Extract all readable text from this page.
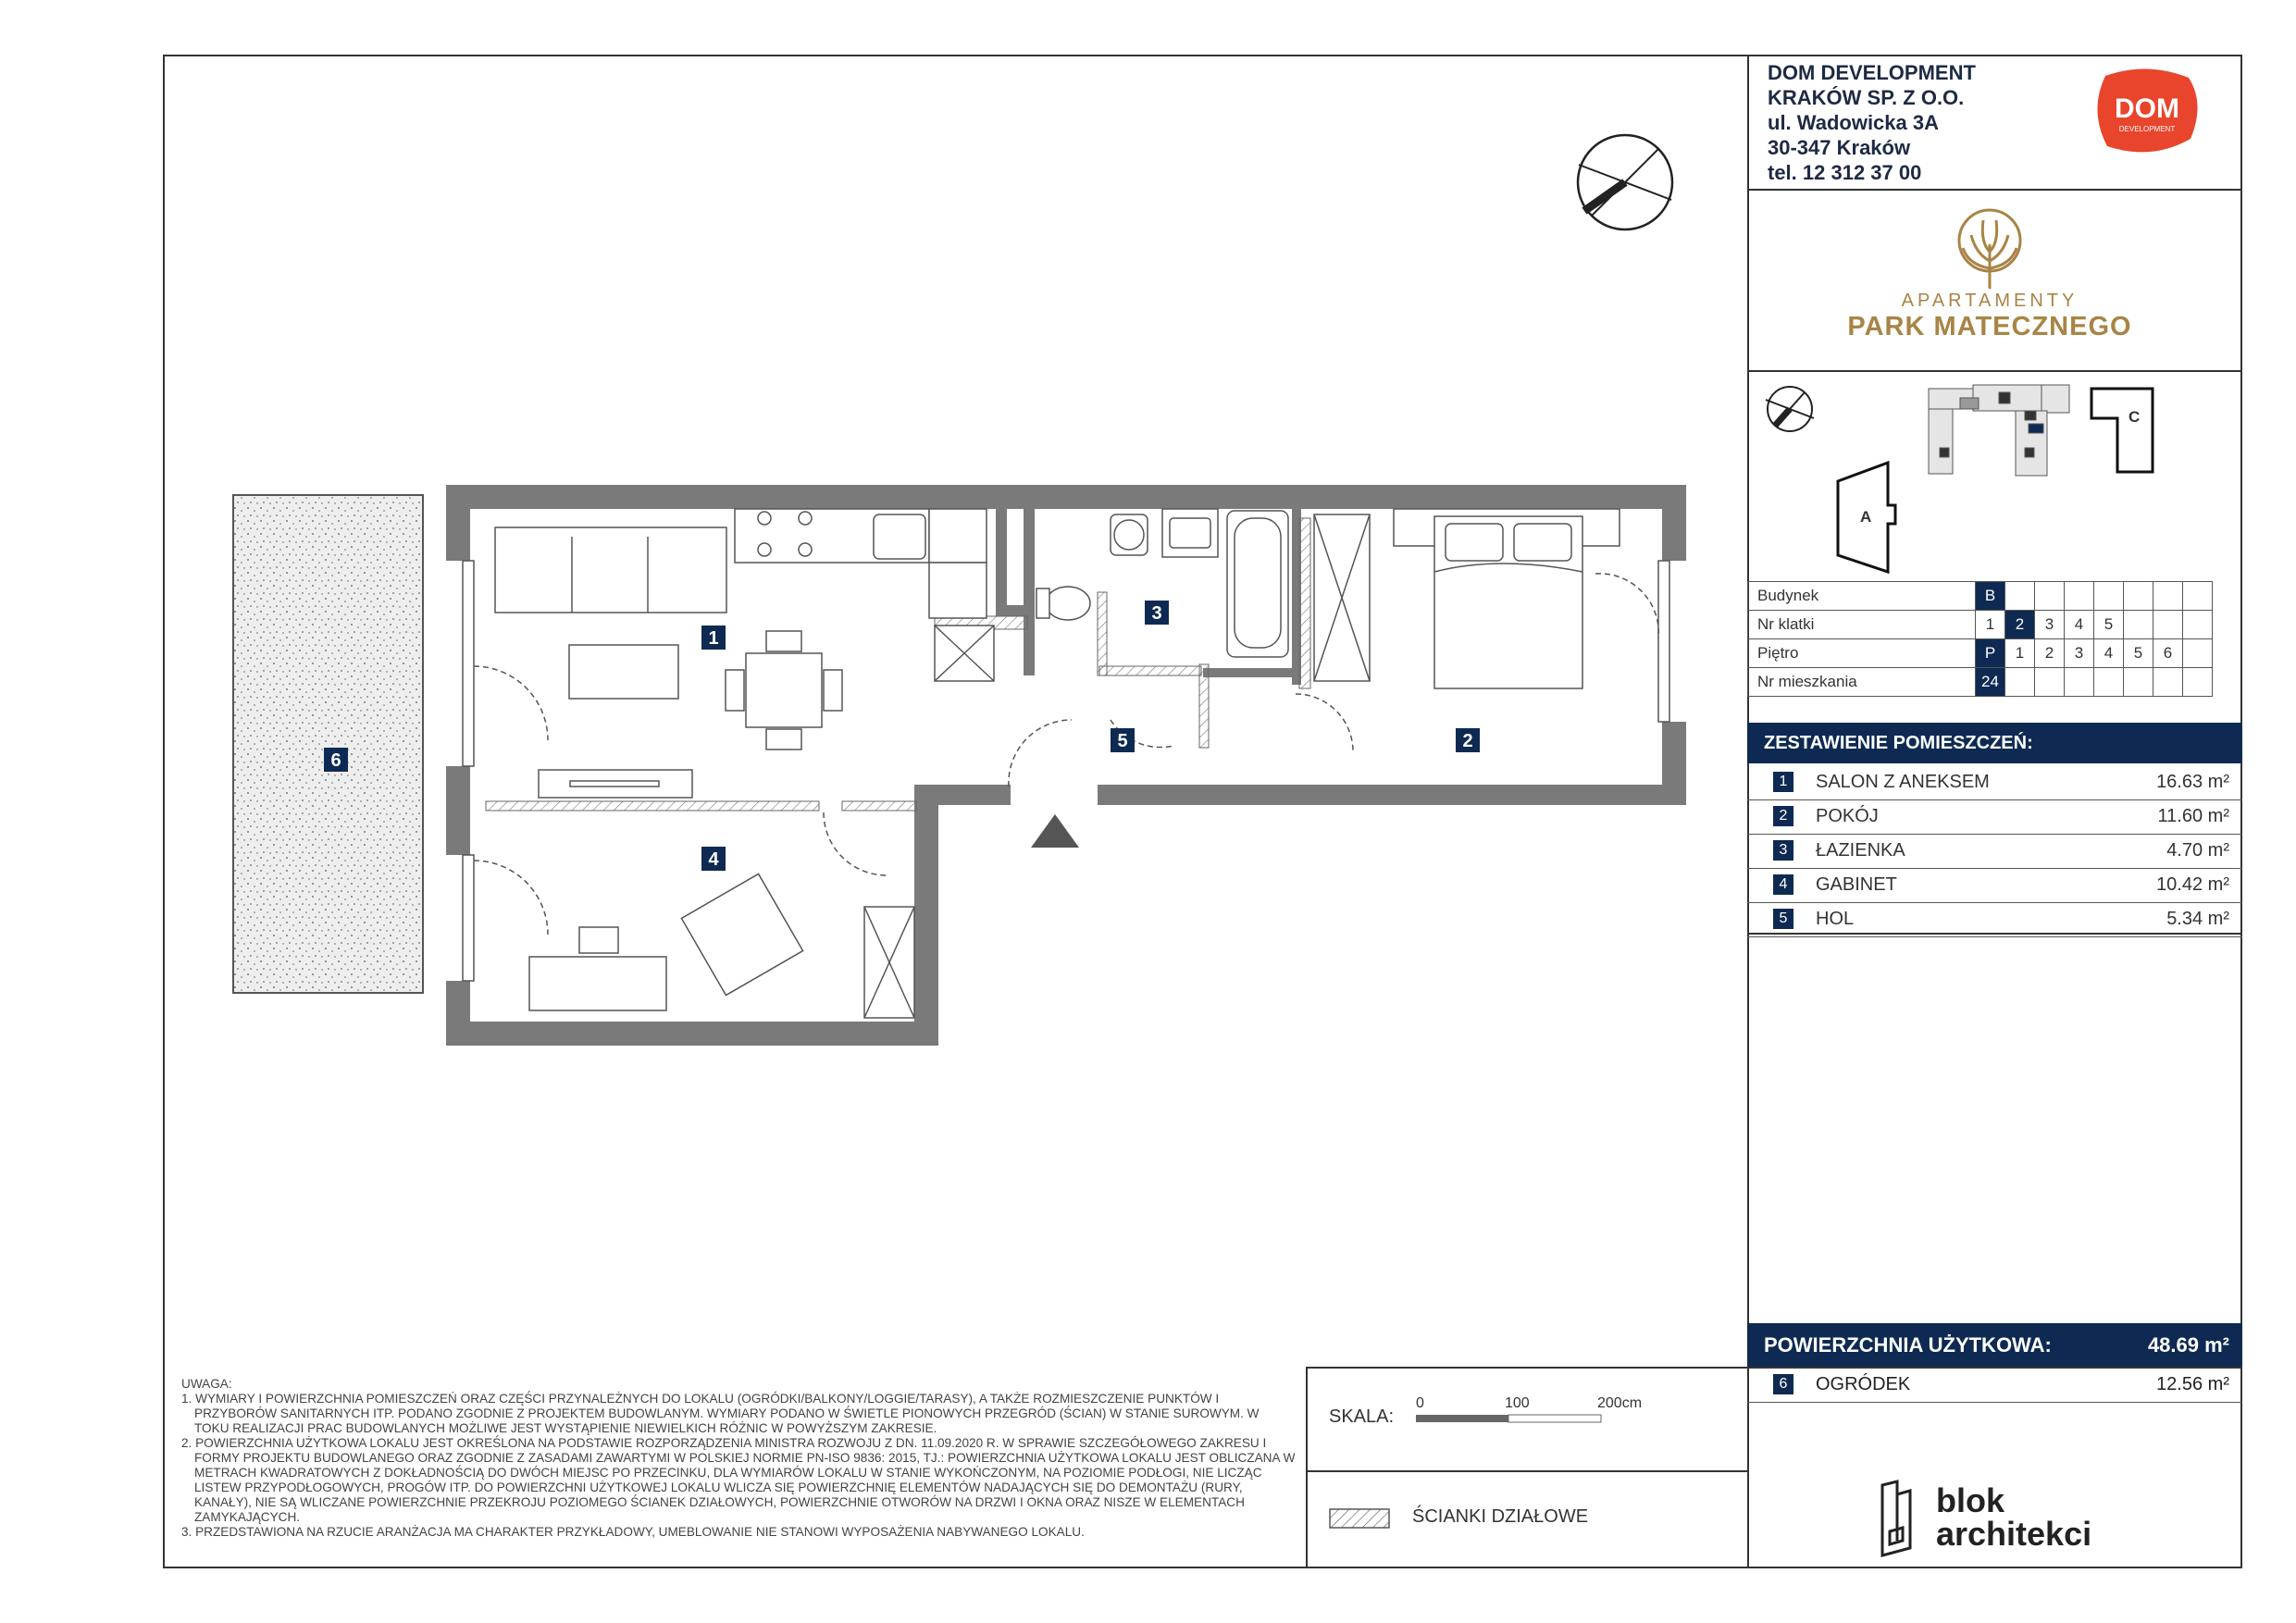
DOM DEVELOPMENT
KRAKÓW SP. Z O.O.
ul. Wadowicka 3A
30-347 Kraków
tel. 12 312 37 00
DOM
DEVELOPMENT
APARTAMENTY
PARK MATECZNEGO
A
C
Budynek	B							
Nr klatki	1	2	3	4	5			
Piętro	P	1	2	3	4	5	6	
Nr mieszkania	24							
ZESTAWIENIE POMIESZCZEŃ:
1	SALON Z ANEKSEM	16.63 m²
2	POKÓJ	11.60 m²
3	ŁAZIENKA	4.70 m²
4	GABINET	10.42 m²
5	HOL	5.34 m²
POWIERZCHNIA UŻYTKOWA:	48.69 m²
6	OGRÓDEK	12.56 m²

UWAGA:

1. WYMIARY I POWIERZCHNIA POMIESZCZEŃ ORAZ CZĘŚCI PRZYNALEŻNYCH DO LOKALU (OGRÓDKI/BALKONY/LOGGIE/TARASY), A TAKŻE ROZMIESZCZENIE PUNKTÓW I PRZYBORÓW SANITARNYCH ITP. PODANO ZGODNIE Z PROJEKTEM BUDOWLANYM. WYMIARY PODANO W ŚWIETLE PIONOWYCH PRZEGRÓD (ŚCIAN) W STANIE SUROWYM. W TOKU REALIZACJI PRAC BUDOWLANYCH MOŻLIWE JEST WYSTĄPIENIE NIEWIELKICH RÓŻNIC W POWYŻSZYM ZAKRESIE.

2. POWIERZCHNIA UŻYTKOWA LOKALU JEST OKREŚLONA NA PODSTAWIE ROZPORZĄDZENIA MINISTRA ROZWOJU Z DN. 11.09.2020 R. W SPRAWIE SZCZEGÓŁOWEGO ZAKRESU I FORMY PROJEKTU BUDOWLANEGO ORAZ ZGODNIE Z ZASADAMI ZAWARTYMI W POLSKIEJ NORMIE PN-ISO 9836: 2015, TJ.: POWIERZCHNIA UŻYTKOWA LOKALU JEST OBLICZANA W METRACH KWADRATOWYCH Z DOKŁADNOŚCIĄ DO DWÓCH MIEJSC PO PRZECINKU, DLA WYMIARÓW LOKALU W STANIE WYKOŃCZONYM, NA POZIOMIE PODŁOGI, NIE LICZĄC LISTEW PRZYPODŁOGOWYCH, PROGÓW ITP. DO POWIERZCHNI UŻYTKOWEJ LOKALU WLICZA SIĘ POWIERZCHNIĘ ELEMENTÓW NADAJĄCYCH SIĘ DO DEMONTAŻU (RURY, KANAŁY), NIE SĄ WLICZANE POWIERZCHNIE PRZEKROJU POZIOMEGO ŚCIANEK DZIAŁOWYCH, POWIERZCHNIE OTWORÓW NA DRZWI I OKNA ORAZ NISZE W ELEMENTACH ZAMYKAJĄCYCH.

3. PRZEDSTAWIONA NA RZUCIE ARANŻACJA MA CHARAKTER PRZYKŁADOWY, UMEBLOWANIE NIE STANOWI WYPOSAŻENIA NABYWANEGO LOKALU.

SKALA:
0	100	200cm
ŚCIANKI DZIAŁOWE	blok
architekci
6
1
2
3
4
5
